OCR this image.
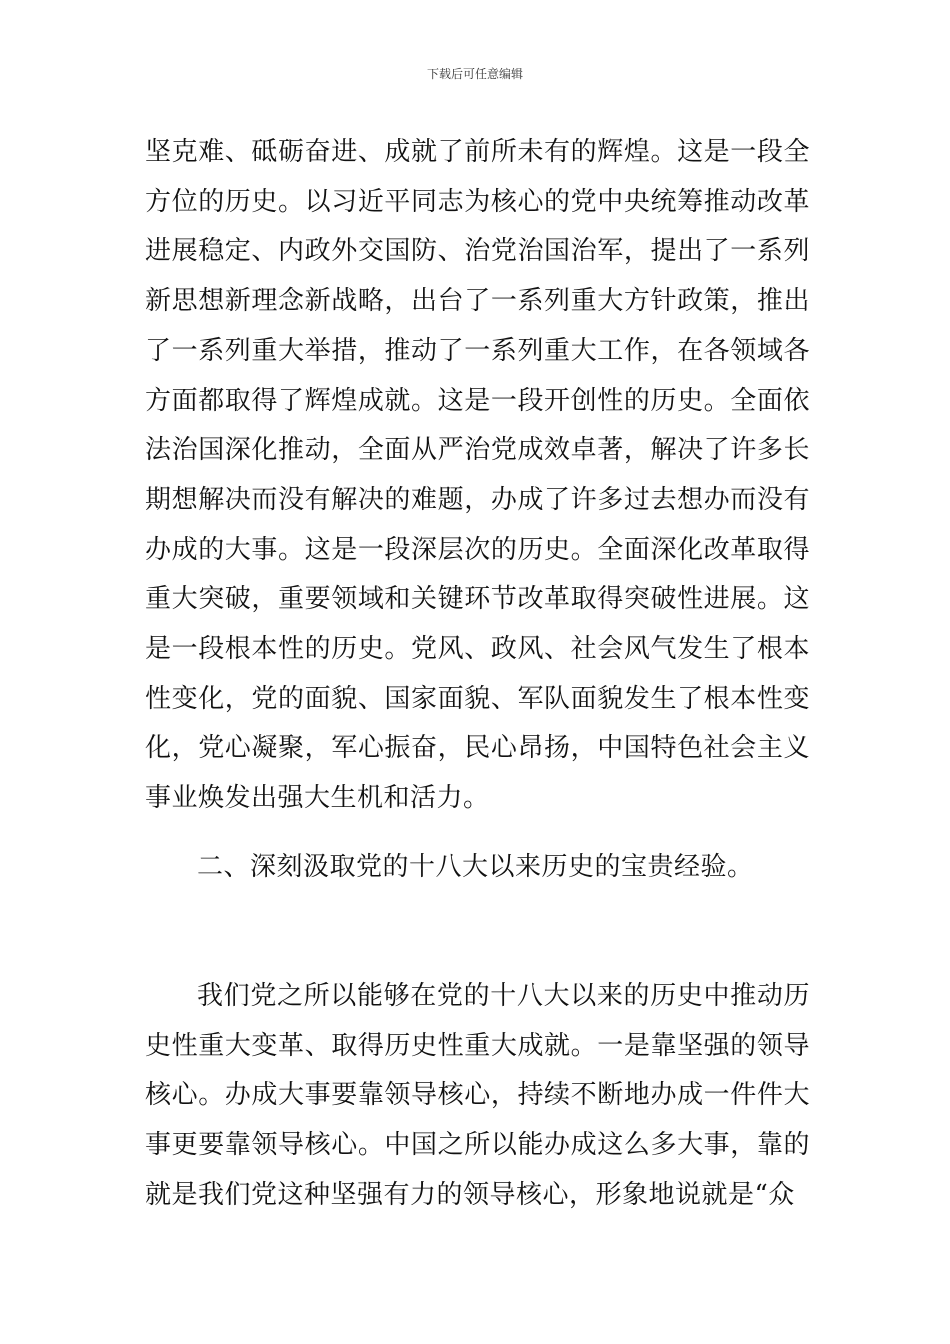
下载后可任意编辑

坚克难、砥砺奋进、成就了前所未有的辉煌。这是一段全方位的历史。以习近平同志为核心的党中央统筹推动改革进展稳定、内政外交国防、治党治国治军，提出了一系列新思想新理念新战略，出台了一系列重大方针政策，推出了一系列重大举措，推动了一系列重大工作，在各领域各方面都取得了辉煌成就。这是一段开创性的历史。全面依法治国深化推动，全面从严治党成效卓著，解决了许多长期想解决而没有解决的难题，办成了许多过去想办而没有办成的大事。这是一段深层次的历史。全面深化改革取得重大突破，重要领域和关键环节改革取得突破性进展。这是一段根本性的历史。党风、政风、社会风气发生了根本性变化，党的面貌、国家面貌、军队面貌发生了根本性变化，党心凝聚，军心振奋，民心昂扬，中国特色社会主义事业焕发出强大生机和活力。

二、深刻汲取党的十八大以来历史的宝贵经验。

我们党之所以能够在党的十八大以来的历史中推动历史性重大变革、取得历史性重大成就。一是靠坚强的领导核心。办成大事要靠领导核心，持续不断地办成一件件大事更要靠领导核心。中国之所以能办成这么多大事，靠的就是我们党这种坚强有力的领导核心，形象地说就是“众
